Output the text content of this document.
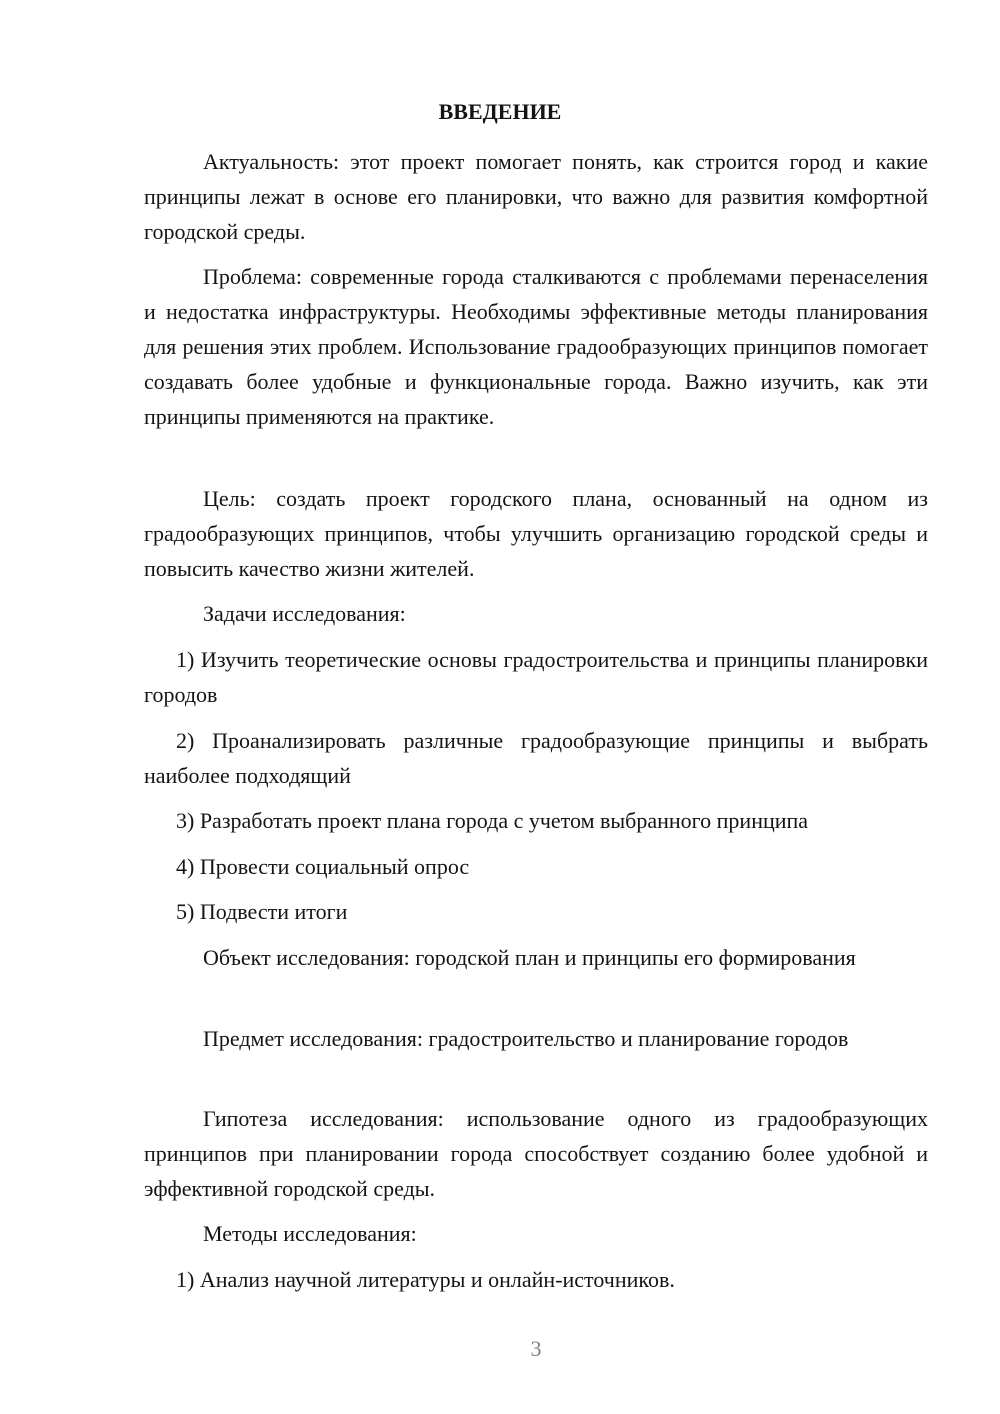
ВВЕДЕНИЕ
Актуальность: этот проект помогает понять, как строится город и какие принципы лежат в основе его планировки, что важно для развития комфортной городской среды.
Проблема: современные города сталкиваются с проблемами перенаселения и недостатка инфраструктуры. Необходимы эффективные методы планирования для решения этих проблем. Использование градообразующих принципов помогает создавать более удобные и функциональные города. Важно изучить, как эти принципы применяются на практике.
Цель: создать проект городского плана, основанный на одном из градообразующих принципов, чтобы улучшить организацию городской среды и повысить качество жизни жителей.
Задачи исследования:
1) Изучить теоретические основы градостроительства и принципы планировки городов
2) Проанализировать различные градообразующие принципы и выбрать наиболее подходящий
3) Разработать проект плана города с учетом выбранного принципа
4) Провести социальный опрос
5) Подвести итоги
Объект исследования: городской план и принципы его формирования
Предмет исследования: градостроительство и планирование городов
Гипотеза исследования: использование одного из градообразующих принципов при планировании города способствует созданию более удобной и эффективной городской среды.
Методы исследования:
1) Анализ научной литературы и онлайн-источников.
3
